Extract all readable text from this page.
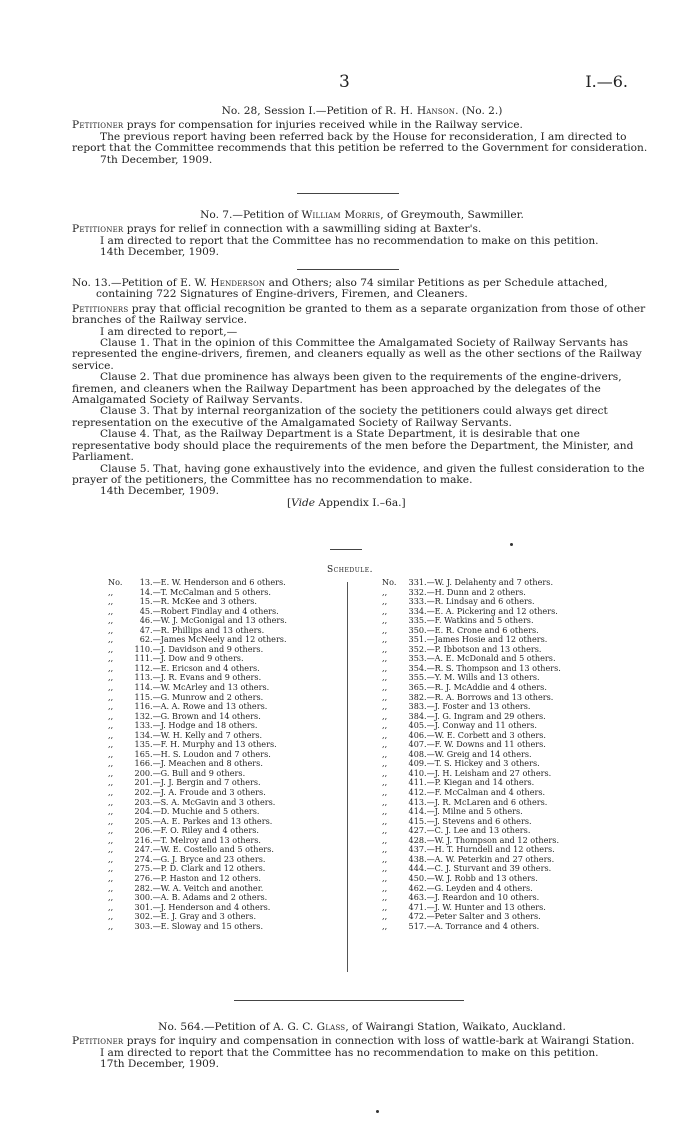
3	I.—6.

No. 28, Session I.—Petition of R. H. Hanson. (No. 2.)

Petitioner prays for compensation for injuries received while in the Railway service.

The previous report having been referred back by the House for reconsideration, I am directed to report that the Committee recommends that this petition be referred to the Government for consideration.

7th December, 1909.

No. 7.—Petition of William Morris, of Greymouth, Sawmiller.

Petitioner prays for relief in connection with a sawmilling siding at Baxter's.

I am directed to report that the Committee has no recommendation to make on this petition.

14th December, 1909.

No. 13.—Petition of E. W. Henderson and Others; also 74 similar Petitions as per Schedule attached, containing 722 Signatures of Engine-drivers, Firemen, and Cleaners.

Petitioners pray that official recognition be granted to them as a separate organization from those of other branches of the Railway service.

I am directed to report,—

Clause 1. That in the opinion of this Committee the Amalgamated Society of Railway Servants has represented the engine-drivers, firemen, and cleaners equally as well as the other sections of the Railway service.

Clause 2. That due prominence has always been given to the requirements of the engine-drivers, firemen, and cleaners when the Railway Department has been approached by the delegates of the Amalgamated Society of Railway Servants.

Clause 3. That by internal reorganization of the society the petitioners could always get direct representation on the executive of the Amalgamated Society of Railway Servants.

Clause 4. That, as the Railway Department is a State Department, it is desirable that one representative body should place the requirements of the men before the Department, the Minister, and Parliament.

Clause 5. That, having gone exhaustively into the evidence, and given the fullest consideration to the prayer of the petitioners, the Committee has no recommendation to make.

14th December, 1909.

[Vide Appendix I.–6a.]

Schedule.
No.	13 .— E. W. Henderson and 6 others.
,,	14 .— T. McCalman and 5 others.
,,	15 .— R. McKee and 3 others.
,,	45 .— Robert Findlay and 4 others.
,,	46 .— W. J. McGonigal and 13 others.
,,	47 .— R. Phillips and 13 others.
,,	62 .— James McNeely and 12 others.
,,	110 .— J. Davidson and 9 others.
,,	111 .— J. Dow and 9 others.
,,	112 .— E. Ericson and 4 others.
,,	113 .— J. R. Evans and 9 others.
,,	114 .— W. McArley and 13 others.
,,	115 .— G. Munrow and 2 others.
,,	116 .— A. A. Rowe and 13 others.
,,	132 .— G. Brown and 14 others.
,,	133 .— J. Hodge and 18 others.
,,	134 .— W. H. Kelly and 7 others.
,,	135 .— F. H. Murphy and 13 others.
,,	165 .— H. S. Loudon and 7 others.
,,	166 .— J. Meachen and 8 others.
,,	200 .— G. Bull and 9 others.
,,	201 .— J. J. Bergin and 7 others.
,,	202 .— J. A. Froude and 3 others.
,,	203 .— S. A. McGavin and 3 others.
,,	204 .— D. Muchie and 5 others.
,,	205 .— A. E. Parkes and 13 others.
,,	206 .— F. O. Riley and 4 others.
,,	216 .— T. Melroy and 13 others.
,,	247 .— W. E. Costello and 5 others.
,,	274 .— G. J. Bryce and 23 others.
,,	275 .— P. D. Clark and 12 others.
,,	276 .— P. Haston and 12 others.
,,	282 .— W. A. Veitch and another.
,,	300 .— A. B. Adams and 2 others.
,,	301 .— J. Henderson and 4 others.
,,	302 .— E. J. Gray and 3 others.
,,	303 .— E. Sloway and 15 others.
No.	331 .— W. J. Delahenty and 7 others.
,,	332 .— H. Dunn and 2 others.
,,	333 .— R. Lindsay and 6 others.
,,	334 .— E. A. Pickering and 12 others.
,,	335 .— F. Watkins and 5 others.
,,	350 .— E. R. Crone and 6 others.
,,	351 .— James Hosie and 12 others.
,,	352 .— P. Ibbotson and 13 others.
,,	353 .— A. E. McDonald and 5 others.
,,	354 .— R. S. Thompson and 13 others.
,,	355 .— Y. M. Wills and 13 others.
,,	365 .— R. J. McAddie and 4 others.
,,	382 .— R. A. Borrows and 13 others.
,,	383 .— J. Foster and 13 others.
,,	384 .— J. G. Ingram and 29 others.
,,	405 .— J. Conway and 11 others.
,,	406 .— W. E. Corbett and 3 others.
,,	407 .— F. W. Downs and 11 others.
,,	408 .— W. Greig and 14 others.
,,	409 .— T. S. Hickey and 3 others.
,,	410 .— J. H. Leisham and 27 others.
,,	411 .— P. Kiegan and 14 others.
,,	412 .— F. McCalman and 4 others.
,,	413 .— J. R. McLaren and 6 others.
,,	414 .— J. Milne and 5 others.
,,	415 .— J. Stevens and 6 others.
,,	427 .— C. J. Lee and 13 others.
,,	428 .— W. J. Thompson and 12 others.
,,	437 .— H. T. Hurndell and 12 others.
,,	438 .— A. W. Peterkin and 27 others.
,,	444 .— C. J. Sturvant and 39 others.
,,	450 .— W. J. Robb and 13 others.
,,	462 .— G. Leyden and 4 others.
,,	463 .— J. Reardon and 10 others.
,,	471 .— J. W. Hunter and 13 others.
,,	472 .— Peter Salter and 3 others.
,,	517 .— A. Torrance and 4 others.

No. 564.—Petition of A. G. C. Glass, of Wairangi Station, Waikato, Auckland.

Petitioner prays for inquiry and compensation in connection with loss of wattle-bark at Wairangi Station.

I am directed to report that the Committee has no recommendation to make on this petition.

17th December, 1909.
